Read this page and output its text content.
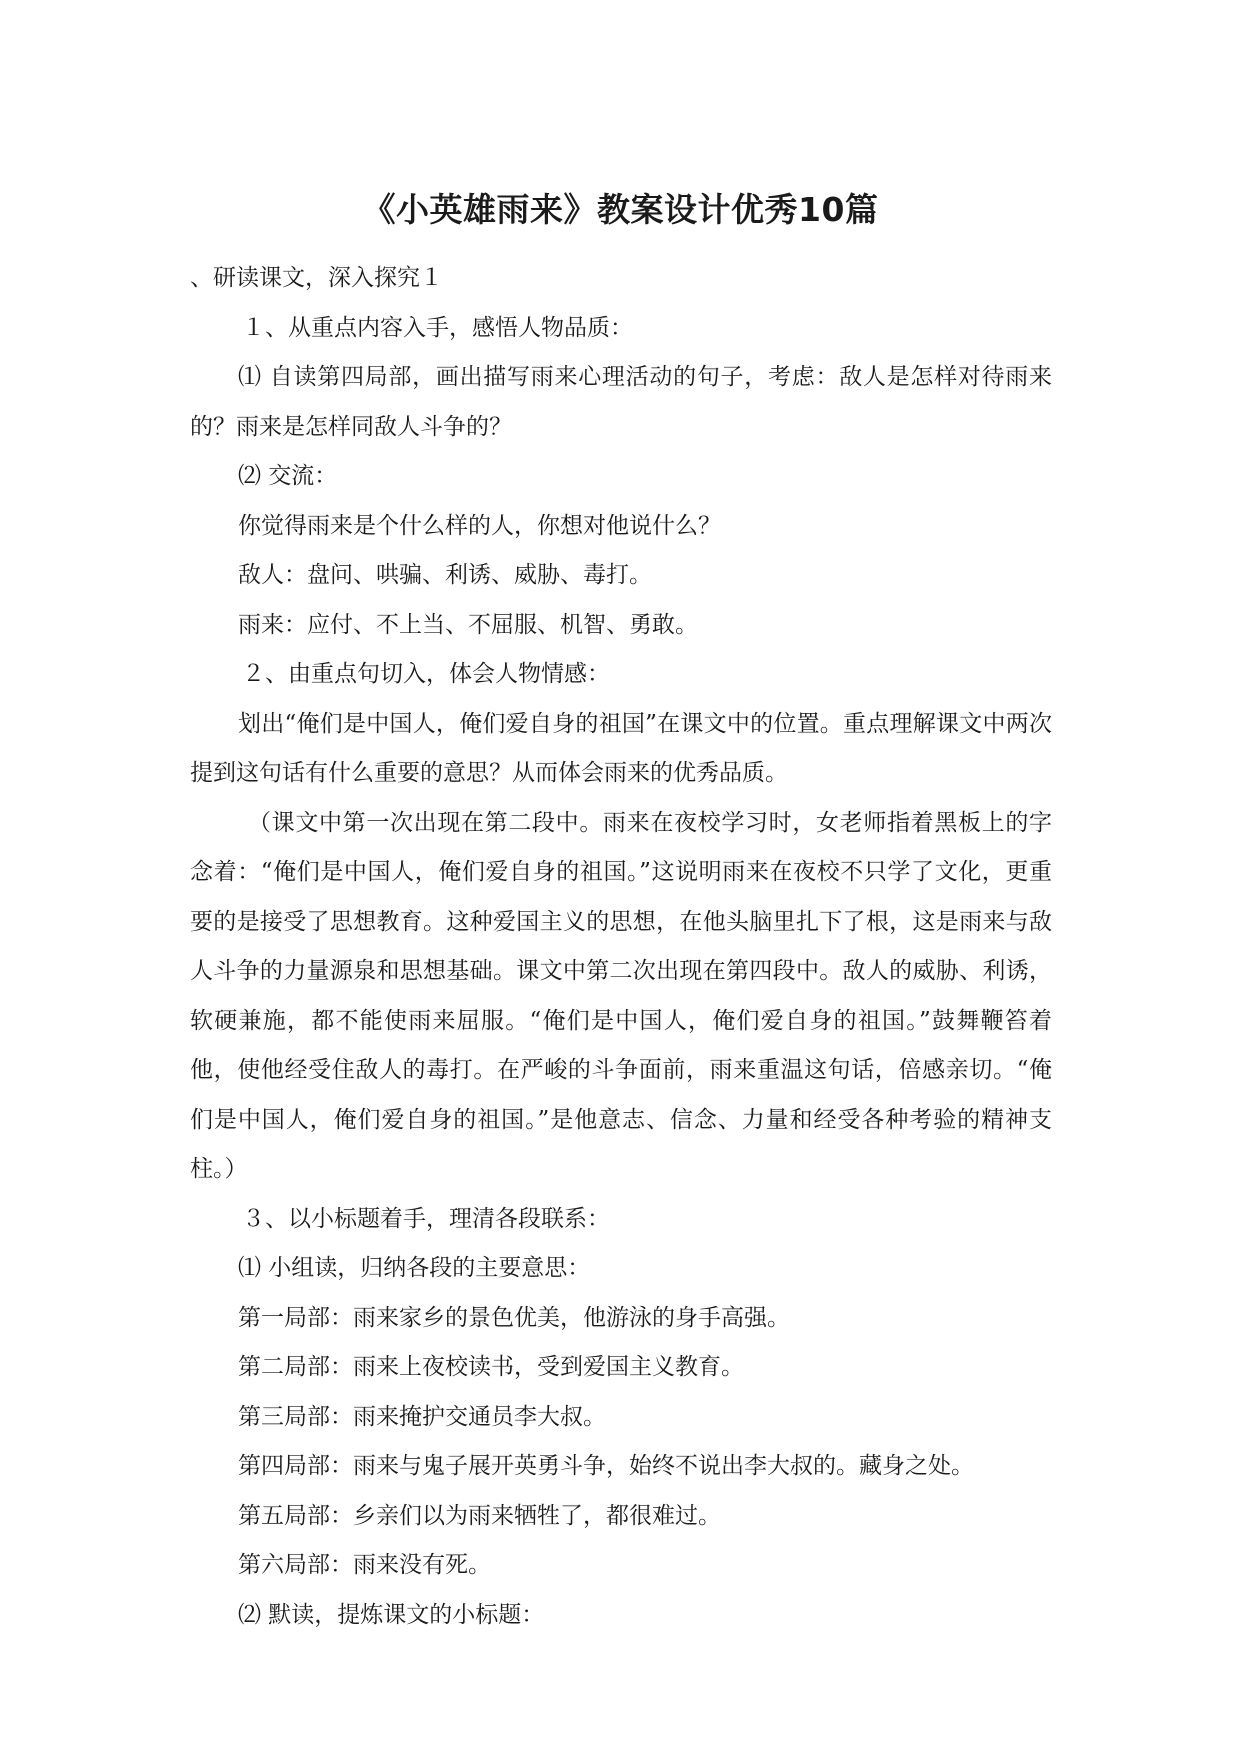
《小英雄雨来》教案设计优秀10篇

、研读课文，深入探究１

１、从重点内容入手，感悟人物品质：

⑴ 自读第四局部，画出描写雨来心理活动的句子，考虑：敌人是怎样对待雨来的？雨来是怎样同敌人斗争的？

⑵ 交流：

你觉得雨来是个什么样的人，你想对他说什么？

敌人：盘问、哄骗、利诱、威胁、毒打。

雨来：应付、不上当、不屈服、机智、勇敢。

２、由重点句切入，体会人物情感：

划出“俺们是中国人，俺们爱自身的祖国”在课文中的位置。重点理解课文中两次提到这句话有什么重要的意思？从而体会雨来的优秀品质。

（课文中第一次出现在第二段中。雨来在夜校学习时，女老师指着黑板上的字念着：“俺们是中国人，俺们爱自身的祖国。”这说明雨来在夜校不只学了文化，更重要的是接受了思想教育。这种爱国主义的思想，在他头脑里扎下了根，这是雨来与敌人斗争的力量源泉和思想基础。课文中第二次出现在第四段中。敌人的威胁、利诱，软硬兼施，都不能使雨来屈服。“俺们是中国人，俺们爱自身的祖国。”鼓舞鞭笞着他，使他经受住敌人的毒打。在严峻的斗争面前，雨来重温这句话，倍感亲切。“俺们是中国人，俺们爱自身的祖国。”是他意志、信念、力量和经受各种考验的精神支柱。）

３、以小标题着手，理清各段联系：

⑴ 小组读，归纳各段的主要意思：

第一局部：雨来家乡的景色优美，他游泳的身手高强。

第二局部：雨来上夜校读书，受到爱国主义教育。

第三局部：雨来掩护交通员李大叔。

第四局部：雨来与鬼子展开英勇斗争，始终不说出李大叔的。藏身之处。

第五局部：乡亲们以为雨来牺牲了，都很难过。

第六局部：雨来没有死。

⑵ 默读，提炼课文的小标题：
